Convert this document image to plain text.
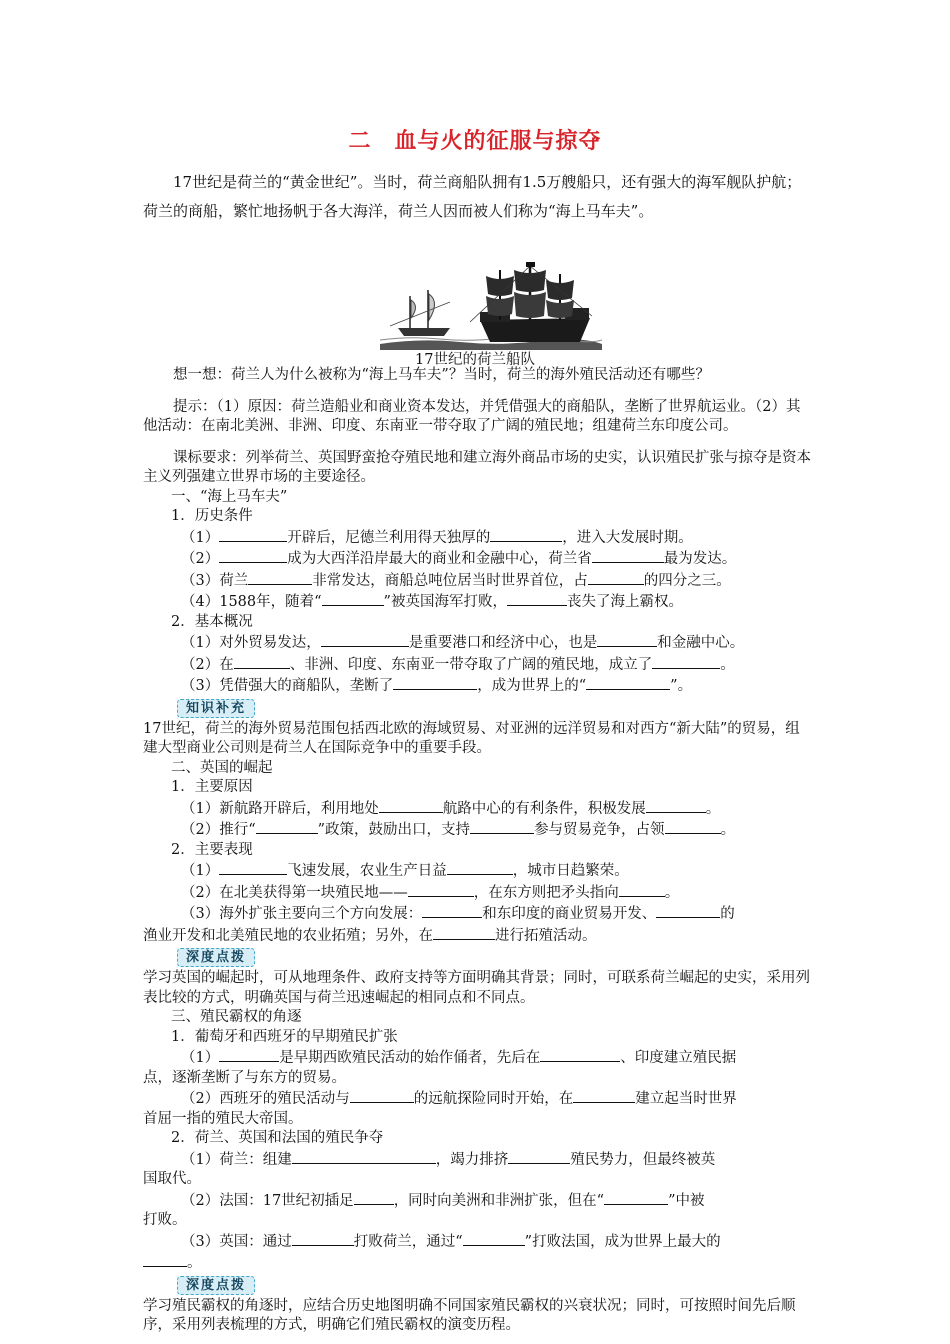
二　血与火的征服与掠夺

17世纪是荷兰的“黄金世纪”。当时，荷兰商船队拥有1.5万艘船只，还有强大的海军舰队护航；荷兰的商船，繁忙地扬帆于各大海洋，荷兰人因而被人们称为“海上马车夫”。

17世纪的荷兰船队

想一想：荷兰人为什么被称为“海上马车夫”？当时，荷兰的海外殖民活动还有哪些？

提示：（1）原因：荷兰造船业和商业资本发达，并凭借强大的商船队，垄断了世界航运业。（2）其他活动：在南北美洲、非洲、印度、东南亚一带夺取了广阔的殖民地；组建荷兰东印度公司。

课标要求：列举荷兰、英国野蛮抢夺殖民地和建立海外商品市场的史实，认识殖民扩张与掠夺是资本主义列强建立世界市场的主要途径。

一、“海上马车夫”

1．历史条件

（1）	开辟后，尼德兰利用得天独厚的	，进入大发展时期。

（2）	成为大西洋沿岸最大的商业和金融中心，荷兰省	最为发达。

（3）荷兰	非常发达，商船总吨位居当时世界首位，占	的四分之三。

（4）1588年，随着“	”被英国海军打败，	丧失了海上霸权。

2．基本概况

（1）对外贸易发达，	是重要港口和经济中心，也是	和金融中心。

（2）在	、非洲、印度、东南亚一带夺取了广阔的殖民地，成立了	。

（3）凭借强大的商船队，垄断了	，成为世界上的“	”。

知识补充

17世纪，荷兰的海外贸易范围包括西北欧的海域贸易、对亚洲的远洋贸易和对西方“新大陆”的贸易，组建大型商业公司则是荷兰人在国际竞争中的重要手段。

二、英国的崛起

1．主要原因

（1）新航路开辟后，利用地处	航路中心的有利条件，积极发展	。

（2）推行“	”政策，鼓励出口，支持	参与贸易竞争，占领	。

2．主要表现

（1）	飞速发展，农业生产日益	，城市日趋繁荣。

（2）在北美获得第一块殖民地——	，在东方则把矛头指向	。

（3）海外扩张主要向三个方向发展：	和东印度的商业贸易开发、	的

渔业开发和北美殖民地的农业拓殖；另外，在	进行拓殖活动。

深度点拨

学习英国的崛起时，可从地理条件、政府支持等方面明确其背景；同时，可联系荷兰崛起的史实，采用列表比较的方式，明确英国与荷兰迅速崛起的相同点和不同点。

三、殖民霸权的角逐

1．葡萄牙和西班牙的早期殖民扩张

（1）	是早期西欧殖民活动的始作俑者，先后在	、印度建立殖民据

点，逐渐垄断了与东方的贸易。

（2）西班牙的殖民活动与	的远航探险同时开始，在	建立起当时世界

首屈一指的殖民大帝国。

2．荷兰、英国和法国的殖民争夺

（1）荷兰：组建	，竭力排挤	殖民势力，但最终被英

国取代。

（2）法国：17世纪初插足	，同时向美洲和非洲扩张，但在“	”中被

打败。

（3）英国：通过	打败荷兰，通过“	”打败法国，成为世界上最大的

。

深度点拨

学习殖民霸权的角逐时，应结合历史地图明确不同国家殖民霸权的兴衰状况；同时，可按照时间先后顺序，采用列表梳理的方式，明确它们殖民霸权的演变历程。
